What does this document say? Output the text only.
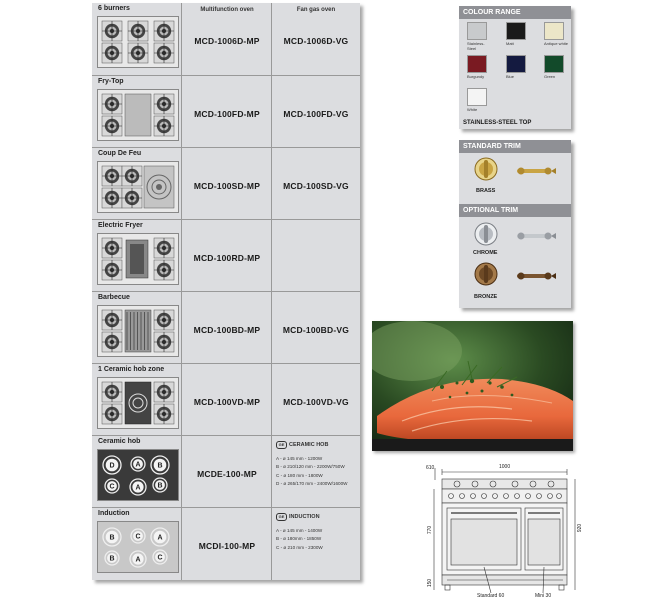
Multifunction oven	Fan gas oven
6 burners
MCD-1006D-MP	MCD-1006D-VG
Fry-Top
MCD-100FD-MP	MCD-100FD-VG
Coup De Feu
MCD-100SD-MP	MCD-100SD-VG
Electric Fryer
MCD-100RD-MP
Barbecue
MCD-100BD-MP	MCD-100BD-VG
1 Ceramic hob zone
MCD-100VD-MP	MCD-100VD-VG
Ceramic hob
D	A B
C	A B
MCDE-100-MP
GE CERAMIC HOB
A - ø 145 mm - 1200W
B - ø 210/120 mm - 2200W/750W
C - ø 180 mm - 1800W
D - ø 265/170 mm - 2400W/1600W
Induction
B	C A
B	A C
MCDI-100-MP
GE INDUCTION
A - ø 145 mm - 1400W
B - ø 180mm - 1850W
C - ø 210 mm - 2300W
COLOUR RANGE
Stainless-Steel
Matt	Antique white
Burgundy	Blue	Green
White
STAINLESS-STEEL TOP
STANDARD TRIM
BRASS
OPTIONAL TRIM
CHROME
BRONZE
1000
610
770	920
150
Standard 60	Mini 30
